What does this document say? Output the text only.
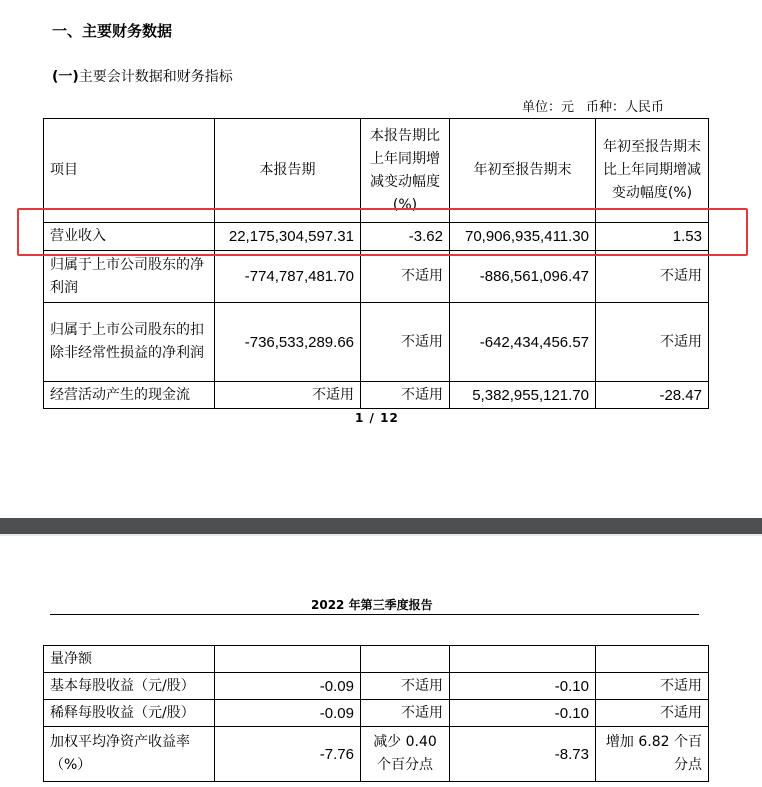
一、主要财务数据
(一)主要会计数据和财务指标
单位：元 币种：人民币
项目	本报告期	本报告期比上年同期增减变动幅度(%)	年初至报告期末	年初至报告期末比上年同期增减变动幅度(%)
营业收入	22,175,304,597.31	-3.62	70,906,935,411.30	1.53
归属于上市公司股东的净利润	-774,787,481.70	不适用	-886,561,096.47	不适用
归属于上市公司股东的扣除非经常性损益的净利润	-736,533,289.66	不适用	-642,434,456.57	不适用
经营活动产生的现金流	不适用	不适用	5,382,955,121.70	-28.47
1 / 12
2022 年第三季度报告
量净额				
基本每股收益（元/股）	-0.09	不适用	-0.10	不适用
稀释每股收益（元/股）	-0.09	不适用	-0.10	不适用
加权平均净资产收益率（%）	-7.76	减少 0.40 个百分点	-8.73	增加 6.82 个百分点
